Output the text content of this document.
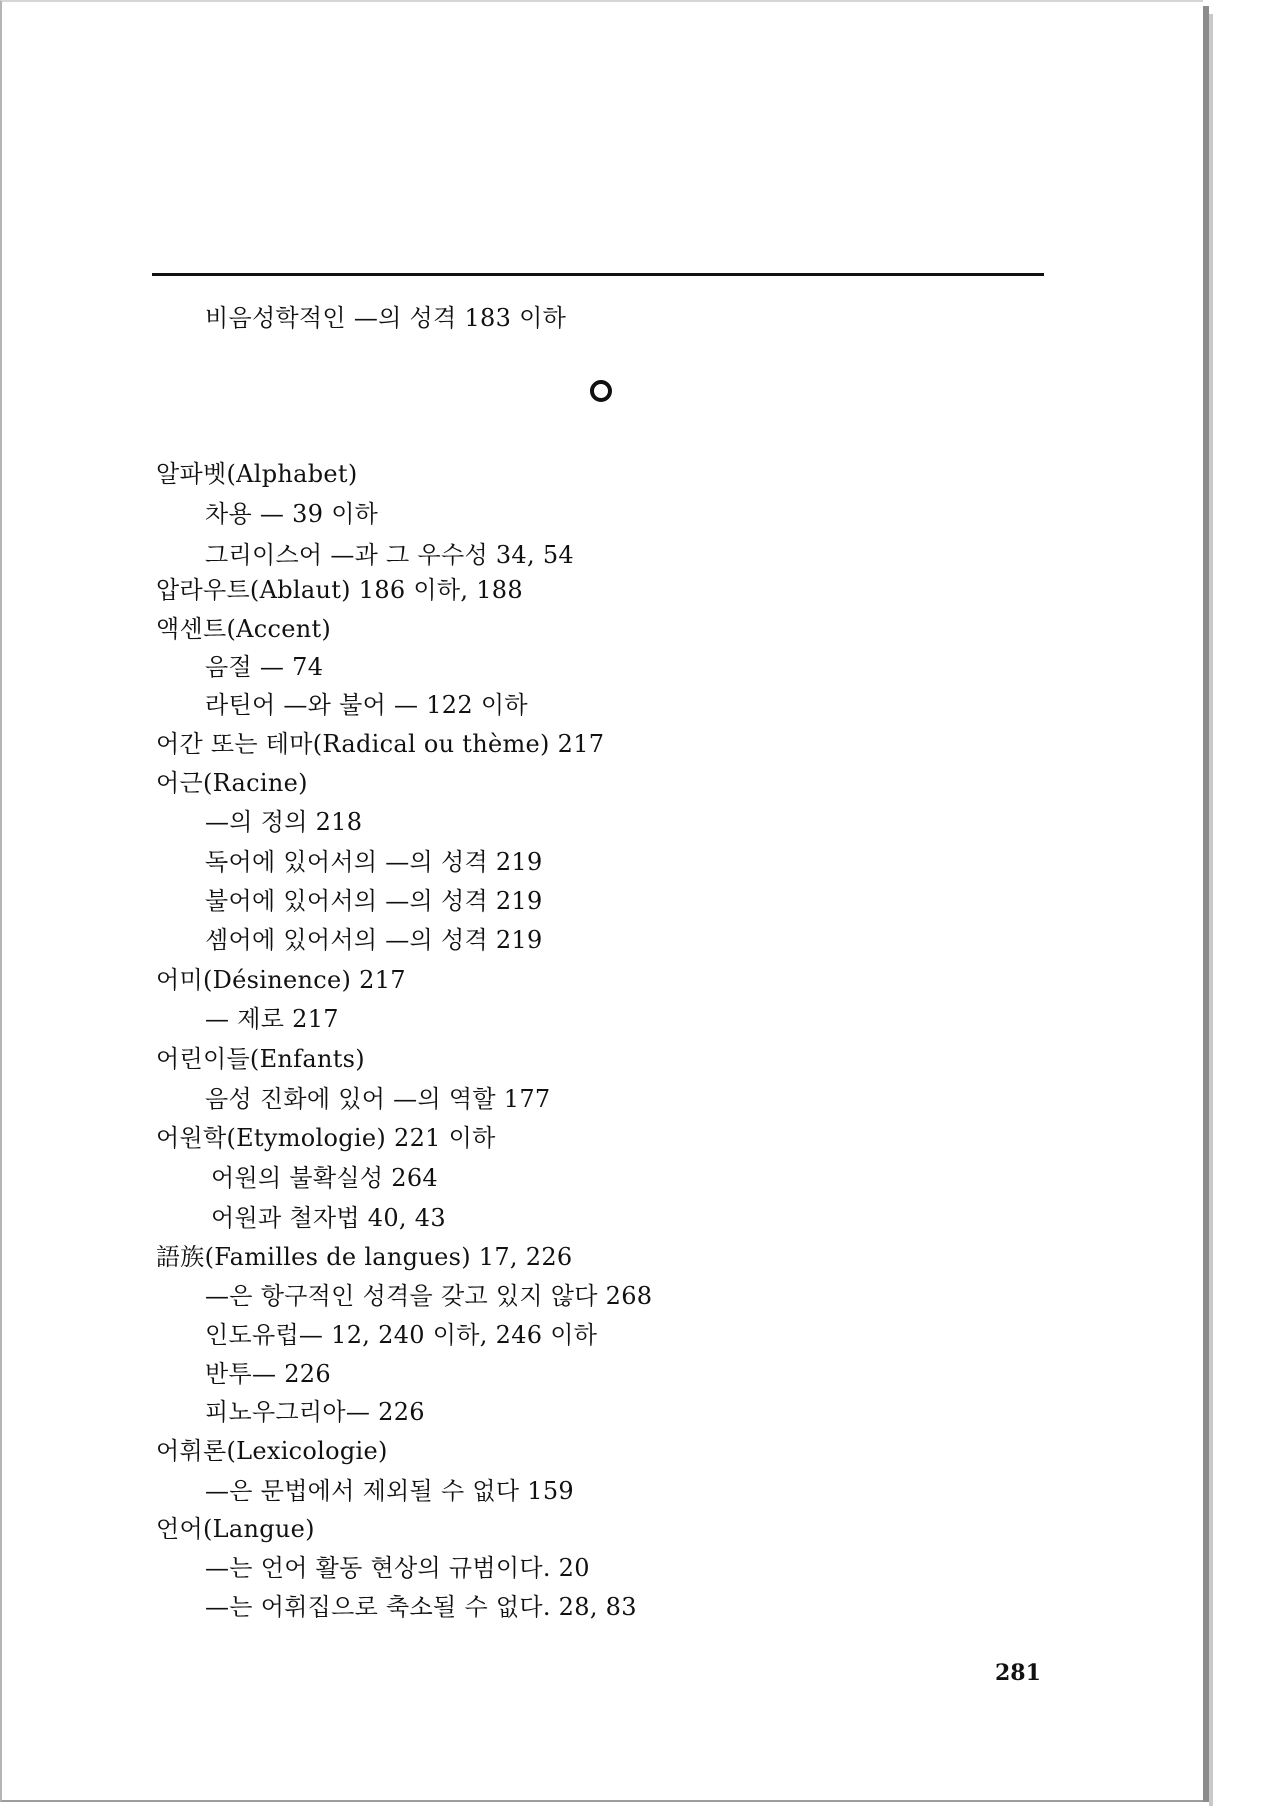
비음성학적인 —의 성격 183 이하
알파벳(Alphabet)
차용 — 39 이하
그리이스어 —과 그 우수성 34, 54
압라우트(Ablaut) 186 이하, 188
액센트(Accent)
음절 — 74
라틴어 —와 불어 — 122 이하
어간 또는 테마(Radical ou thème) 217
어근(Racine)
—의 정의 218
독어에 있어서의 —의 성격 219
불어에 있어서의 —의 성격 219
셈어에 있어서의 —의 성격 219
어미(Désinence) 217
— 제로 217
어린이들(Enfants)
음성 진화에 있어 —의 역할 177
어원학(Etymologie) 221 이하
어원의 불확실성 264
어원과 철자법 40, 43
語族(Familles de langues) 17, 226
—은 항구적인 성격을 갖고 있지 않다 268
인도유럽— 12, 240 이하, 246 이하
반투— 226
피노우그리아— 226
어휘론(Lexicologie)
—은 문법에서 제외될 수 없다 159
언어(Langue)
—는 언어 활동 현상의 규범이다. 20
—는 어휘집으로 축소될 수 없다. 28, 83
281
